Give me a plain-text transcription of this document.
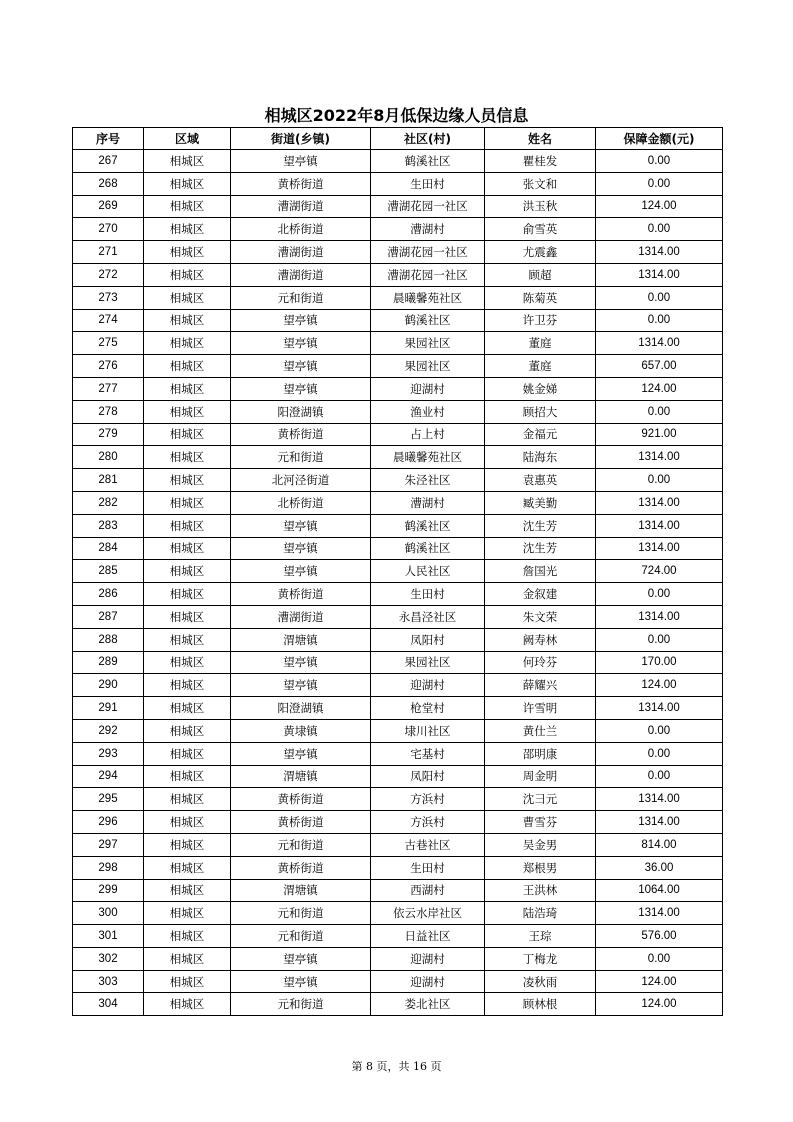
相城区2022年8月低保边缘人员信息
序号	区域	街道(乡镇)	社区(村)	姓名	保障金额(元)
267	相城区	望亭镇	鹤溪社区	瞿桂发	0.00
268	相城区	黄桥街道	生田村	张文和	0.00
269	相城区	漕湖街道	漕湖花园一社区	洪玉秋	124.00
270	相城区	北桥街道	漕湖村	俞雪英	0.00
271	相城区	漕湖街道	漕湖花园一社区	尤震鑫	1314.00
272	相城区	漕湖街道	漕湖花园一社区	顾超	1314.00
273	相城区	元和街道	晨曦馨苑社区	陈菊英	0.00
274	相城区	望亭镇	鹤溪社区	许卫芬	0.00
275	相城区	望亭镇	果园社区	董庭	1314.00
276	相城区	望亭镇	果园社区	董庭	657.00
277	相城区	望亭镇	迎湖村	姚金娣	124.00
278	相城区	阳澄湖镇	渔业村	顾招大	0.00
279	相城区	黄桥街道	占上村	金福元	921.00
280	相城区	元和街道	晨曦馨苑社区	陆海东	1314.00
281	相城区	北河泾街道	朱泾社区	袁惠英	0.00
282	相城区	北桥街道	漕湖村	臧美勤	1314.00
283	相城区	望亭镇	鹤溪社区	沈生芳	1314.00
284	相城区	望亭镇	鹤溪社区	沈生芳	1314.00
285	相城区	望亭镇	人民社区	詹国光	724.00
286	相城区	黄桥街道	生田村	金叙建	0.00
287	相城区	漕湖街道	永昌泾社区	朱文荣	1314.00
288	相城区	渭塘镇	凤阳村	阙寿林	0.00
289	相城区	望亭镇	果园社区	何玲芬	170.00
290	相城区	望亭镇	迎湖村	薛耀兴	124.00
291	相城区	阳澄湖镇	枪堂村	许雪明	1314.00
292	相城区	黄埭镇	埭川社区	黄仕兰	0.00
293	相城区	望亭镇	宅基村	邵明康	0.00
294	相城区	渭塘镇	凤阳村	周金明	0.00
295	相城区	黄桥街道	方浜村	沈彐元	1314.00
296	相城区	黄桥街道	方浜村	曹雪芬	1314.00
297	相城区	元和街道	古巷社区	吴金男	814.00
298	相城区	黄桥街道	生田村	郑根男	36.00
299	相城区	渭塘镇	西湖村	王洪林	1064.00
300	相城区	元和街道	依云水岸社区	陆浩琦	1314.00
301	相城区	元和街道	日益社区	王琮	576.00
302	相城区	望亭镇	迎湖村	丁梅龙	0.00
303	相城区	望亭镇	迎湖村	凌秋雨	124.00
304	相城区	元和街道	娄北社区	顾林根	124.00
第 8 页，共 16 页
